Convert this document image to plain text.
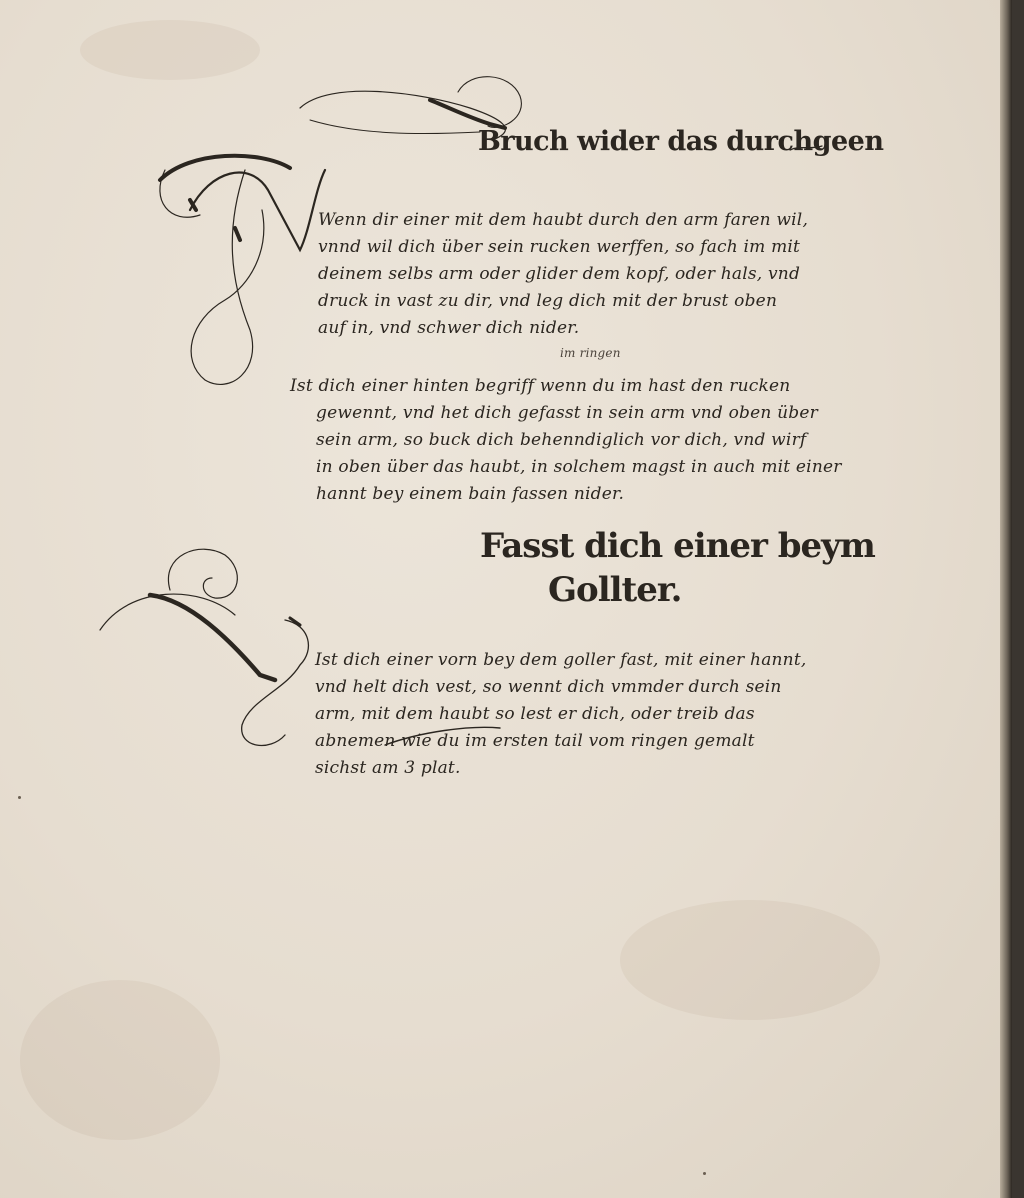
Bruch wider das durchgeen
Wenn dir einer mit dem haubt durch den arm faren wil,
vnnd wil dich über sein rucken werffen, so fach im mit
deinem selbs arm oder glider dem kopf, oder hals, vnd
druck in vast zu dir, vnd leg dich mit der brust oben
auf in, vnd schwer dich nider.
im ringen
Ist dich einer hinten begriff wenn du im hast den rucken
gewennt, vnd het dich gefasst in sein arm vnd oben über
sein arm, so buck dich behenndiglich vor dich, vnd wirf
in oben über das haubt, in solchem magst in auch mit einer
hannt bey einem bain fassen nider.
Fasst dich einer beym
Gollter.
Ist dich einer vorn bey dem goller fast, mit einer hannt,
vnd helt dich vest, so wennt dich vmmder durch sein
arm, mit dem haubt so lest er dich, oder treib das
abnemen wie du im ersten tail vom ringen gemalt
sichst am 3 plat.
